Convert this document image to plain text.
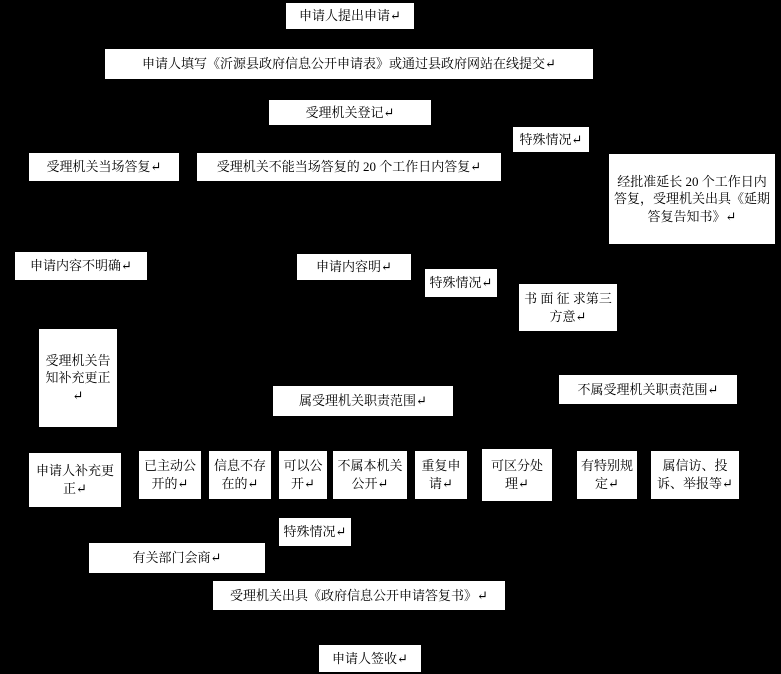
申请人提出申请↵
申请人填写《沂源县政府信息公开申请表》或通过县政府网站在线提交↵
受理机关登记↵
特殊情况↵
受理机关当场答复↵	受理机关不能当场答复的 20 个工作日内答复↵
经批准延长 20 个工作日内答复，受理机关出具《延期答复告知书》↵
申请内容不明确↵	申请内容明↵
特殊情况↵
书 面 征 求第三方意↵
受理机关告知补充更正↵	属受理机关职责范围↵
不属受理机关职责范围↵
申请人补充更正↵
已主动公开的↵
信息不存在的↵
可以公开↵
不属本机关公开↵
重复申请↵
可区分处理↵
有特别规定↵
属信访、投诉、举报等↵
特殊情况↵
有关部门会商↵
受理机关出具《政府信息公开申请答复书》↵
申请人签收↵
